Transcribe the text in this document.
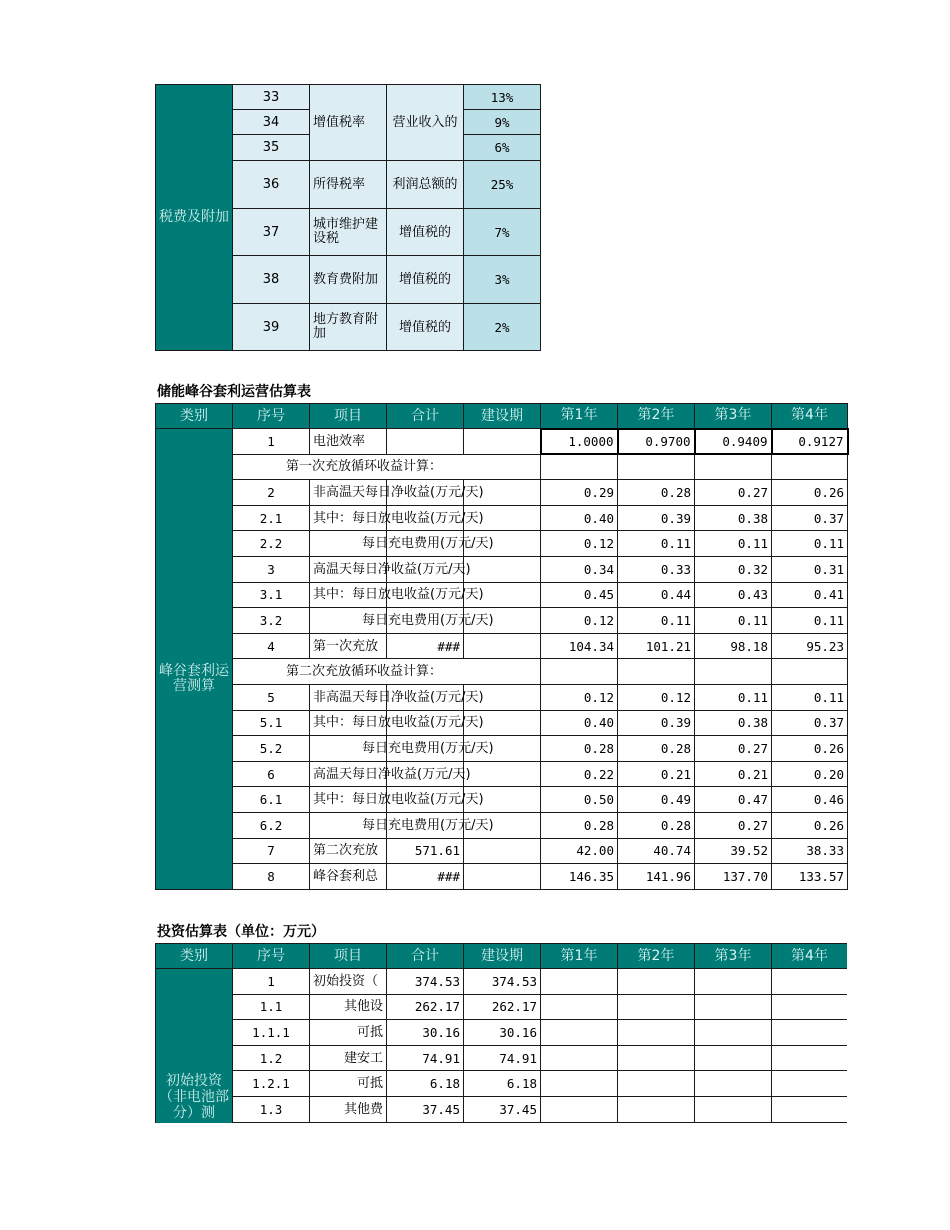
税费及附加	33	增值税率	营业收入的	13%
	34			9%
	35			6%
	36	所得税率	利润总额的	25%
	37	城市维护建设税	增值税的	7%
	38	教育费附加	增值税的	3%
	39	地方教育附加	增值税的	2%
储能峰谷套利运营估算表
类别	序号	项目	合计	建设期	第1年	第2年	第3年	第4年
峰谷套利运营测算	1	电池效率			1.0000	0.9700	0.9409	0.9127
	第一次充放循环收益计算：							
	2	非高温天每日净收益(万元/天)			0.29	0.28	0.27	0.26
	2.1	其中：每日放电收益(万元/天)			0.40	0.39	0.38	0.37
	2.2	每日充电费用(万元/天)			0.12	0.11	0.11	0.11
	3	高温天每日净收益(万元/天)			0.34	0.33	0.32	0.31
	3.1	其中：每日放电收益(万元/天)			0.45	0.44	0.43	0.41
	3.2	每日充电费用(万元/天)			0.12	0.11	0.11	0.11
	4	第一次充放	###		104.34	101.21	98.18	95.23
	第二次充放循环收益计算：							
	5	非高温天每日净收益(万元/天)			0.12	0.12	0.11	0.11
	5.1	其中：每日放电收益(万元/天)			0.40	0.39	0.38	0.37
	5.2	每日充电费用(万元/天)			0.28	0.28	0.27	0.26
	6	高温天每日净收益(万元/天)			0.22	0.21	0.21	0.20
	6.1	其中：每日放电收益(万元/天)			0.50	0.49	0.47	0.46
	6.2	每日充电费用(万元/天)			0.28	0.28	0.27	0.26
	7	第二次充放	571.61		42.00	40.74	39.52	38.33
	8	峰谷套利总	###		146.35	141.96	137.70	133.57
投资估算表（单位：万元）
类别	序号	项目	合计	建设期	第1年	第2年	第3年	第4年
初始投资（非电池部分）测	1	初始投资（	374.53	374.53				
	1.1	其他设	262.17	262.17				
	1.1.1	可抵	30.16	30.16				
	1.2	建安工	74.91	74.91				
	1.2.1	可抵	6.18	6.18				
	1.3	其他费	37.45	37.45				
